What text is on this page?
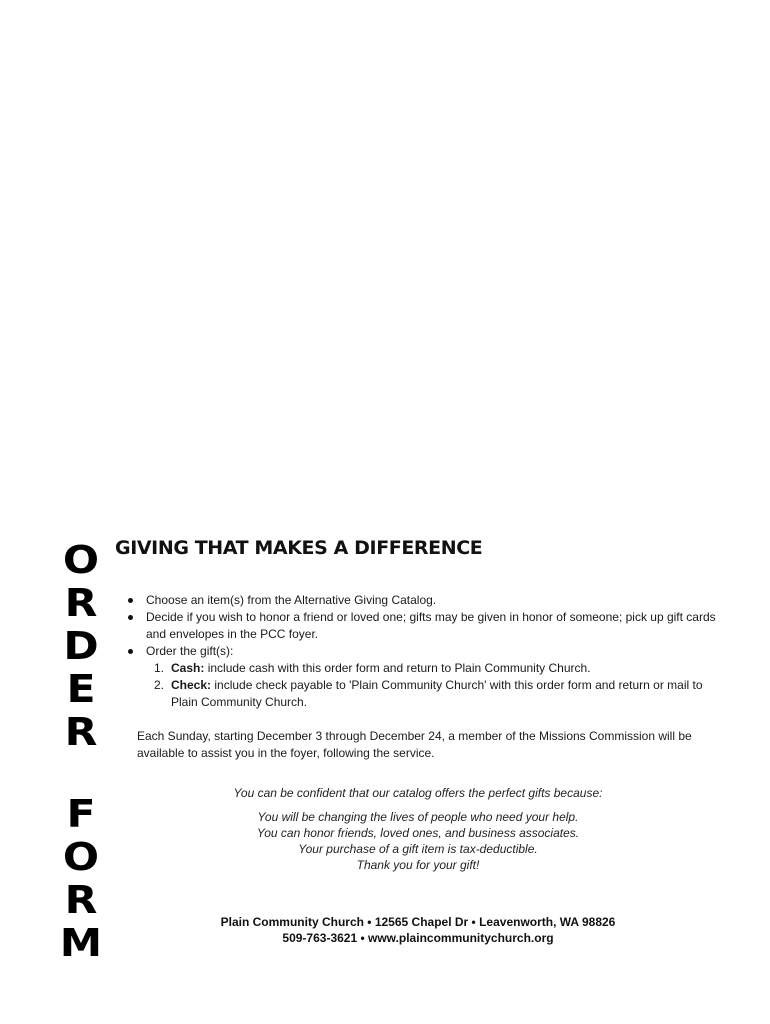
O
R
D
E
R
F
O
R
M
GIVING THAT MAKES A DIFFERENCE
Choose an item(s) from the Alternative Giving Catalog.
Decide if you wish to honor a friend or loved one; gifts may be given in honor of someone; pick up gift cards and envelopes in the PCC foyer.
Order the gift(s):
1. Cash: include cash with this order form and return to Plain Community Church.
2. Check: include check payable to 'Plain Community Church' with this order form and return or mail to Plain Community Church.

Each Sunday, starting December 3 through December 24, a member of the Missions Commission will be available to assist you in the foyer, following the service.

You can be confident that our catalog offers the perfect gifts because:
You will be changing the lives of people who need your help.
You can honor friends, loved ones, and business associates.
Your purchase of a gift item is tax-deductible.
Thank you for your gift!
Plain Community Church • 12565 Chapel Dr • Leavenworth, WA 98826
509-763-3621 • www.plaincommunitychurch.org
